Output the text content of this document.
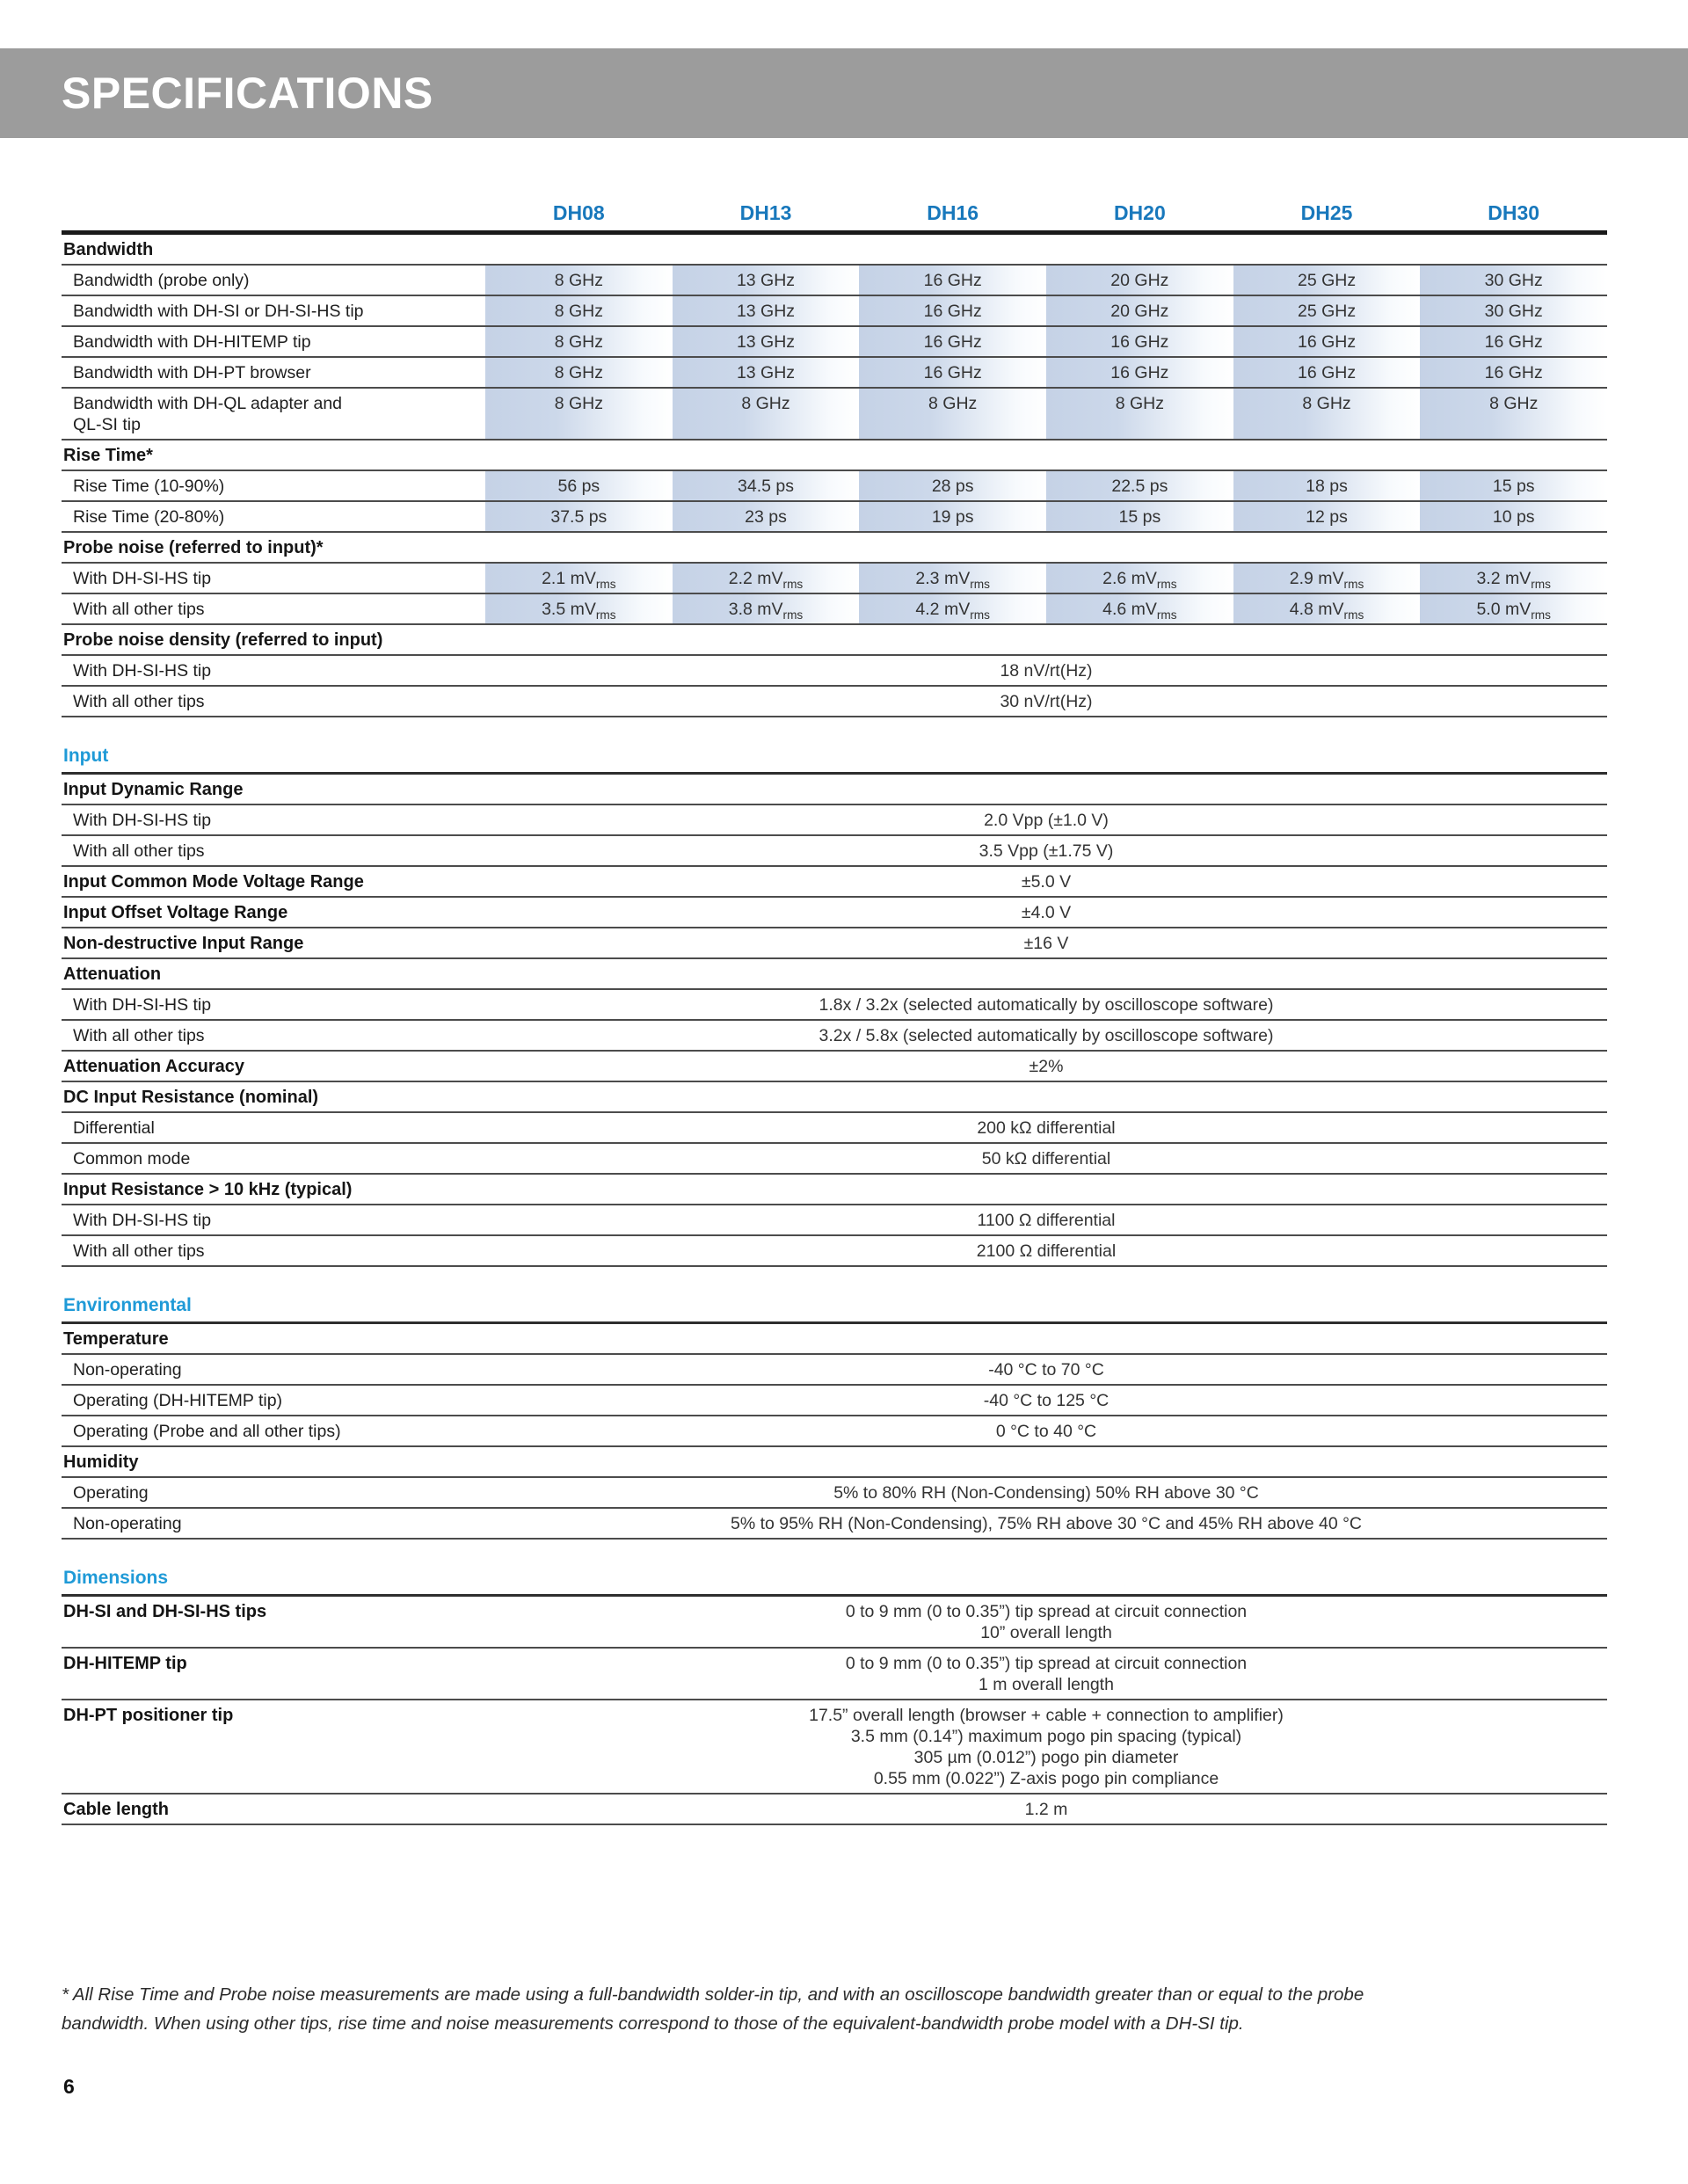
SPECIFICATIONS
DH08	DH13	DH16	DH20	DH25	DH30
Bandwidth
Bandwidth (probe only)	8 GHz	13 GHz	16 GHz	20 GHz	25 GHz	30 GHz
Bandwidth with DH-SI or DH-SI-HS tip	8 GHz	13 GHz	16 GHz	20 GHz	25 GHz	30 GHz
Bandwidth with DH-HITEMP tip	8 GHz	13 GHz	16 GHz	16 GHz	16 GHz	16 GHz
Bandwidth with DH-PT browser	8 GHz	13 GHz	16 GHz	16 GHz	16 GHz	16 GHz
Bandwidth with DH-QL adapter and
QL-SI tip
8 GHz	8 GHz	8 GHz	8 GHz	8 GHz	8 GHz
Rise Time*
Rise Time (10-90%)	56 ps	34.5 ps	28 ps	22.5 ps	18 ps	15 ps
Rise Time (20-80%)	37.5 ps	23 ps	19 ps	15 ps	12 ps	10 ps
Probe noise (referred to input)*
With DH-SI-HS tip	2.1 $mV_{rms}$	2.2 $mV_{rms}$	2.3 $mV_{rms}$	2.6 $mV_{rms}$	2.9 $mV_{rms}$	3.2 $mV_{rms}$
With all other tips	3.5 $mV_{rms}$	3.8 $mV_{rms}$	4.2 $mV_{rms}$	4.6 $mV_{rms}$	4.8 $mV_{rms}$	5.0 $mV_{rms}$
Probe noise density (referred to input)
With DH-SI-HS tip	18 nV/rt(Hz)
With all other tips	30 nV/rt(Hz)
Input
Input Dynamic Range
With DH-SI-HS tip	2.0 Vpp (±1.0 V)
With all other tips	3.5 Vpp (±1.75 V)
Input Common Mode Voltage Range	±5.0 V
Input Offset Voltage Range	±4.0 V
Non-destructive Input Range	±16 V
Attenuation
With DH-SI-HS tip	1.8x / 3.2x (selected automatically by oscilloscope software)
With all other tips	3.2x / 5.8x (selected automatically by oscilloscope software)
Attenuation Accuracy	±2%
DC Input Resistance (nominal)
Differential	200 kΩ differential
Common mode	50 kΩ differential
Input Resistance > 10 kHz (typical)
With DH-SI-HS tip	1100 Ω differential
With all other tips	2100 Ω differential
Environmental
Temperature
Non-operating	-40 °C to 70 °C
Operating (DH-HITEMP tip)	-40 °C to 125 °C
Operating (Probe and all other tips)	0 °C to 40 °C
Humidity
Operating	5% to 80% RH (Non-Condensing) 50% RH above 30 °C
Non-operating	5% to 95% RH (Non-Condensing), 75% RH above 30 °C and 45% RH above 40 °C
Dimensions
DH-SI and DH-SI-HS tips	0 to 9 mm (0 to 0.35”) tip spread at circuit connection
10” overall length
DH-HITEMP tip	0 to 9 mm (0 to 0.35”) tip spread at circuit connection
1 m overall length
DH-PT positioner tip	17.5” overall length (browser + cable + connection to amplifier)
3.5 mm (0.14”) maximum pogo pin spacing (typical)
305 µm (0.012”) pogo pin diameter
0.55 mm (0.022”) Z-axis pogo pin compliance
Cable length	1.2 m
* All Rise Time and Probe noise measurements are made using a full-bandwidth solder-in tip, and with an oscilloscope bandwidth greater than or equal to the probe
bandwidth. When using other tips, rise time and noise measurements correspond to those of the equivalent-bandwidth probe model with a DH-SI tip.
6
